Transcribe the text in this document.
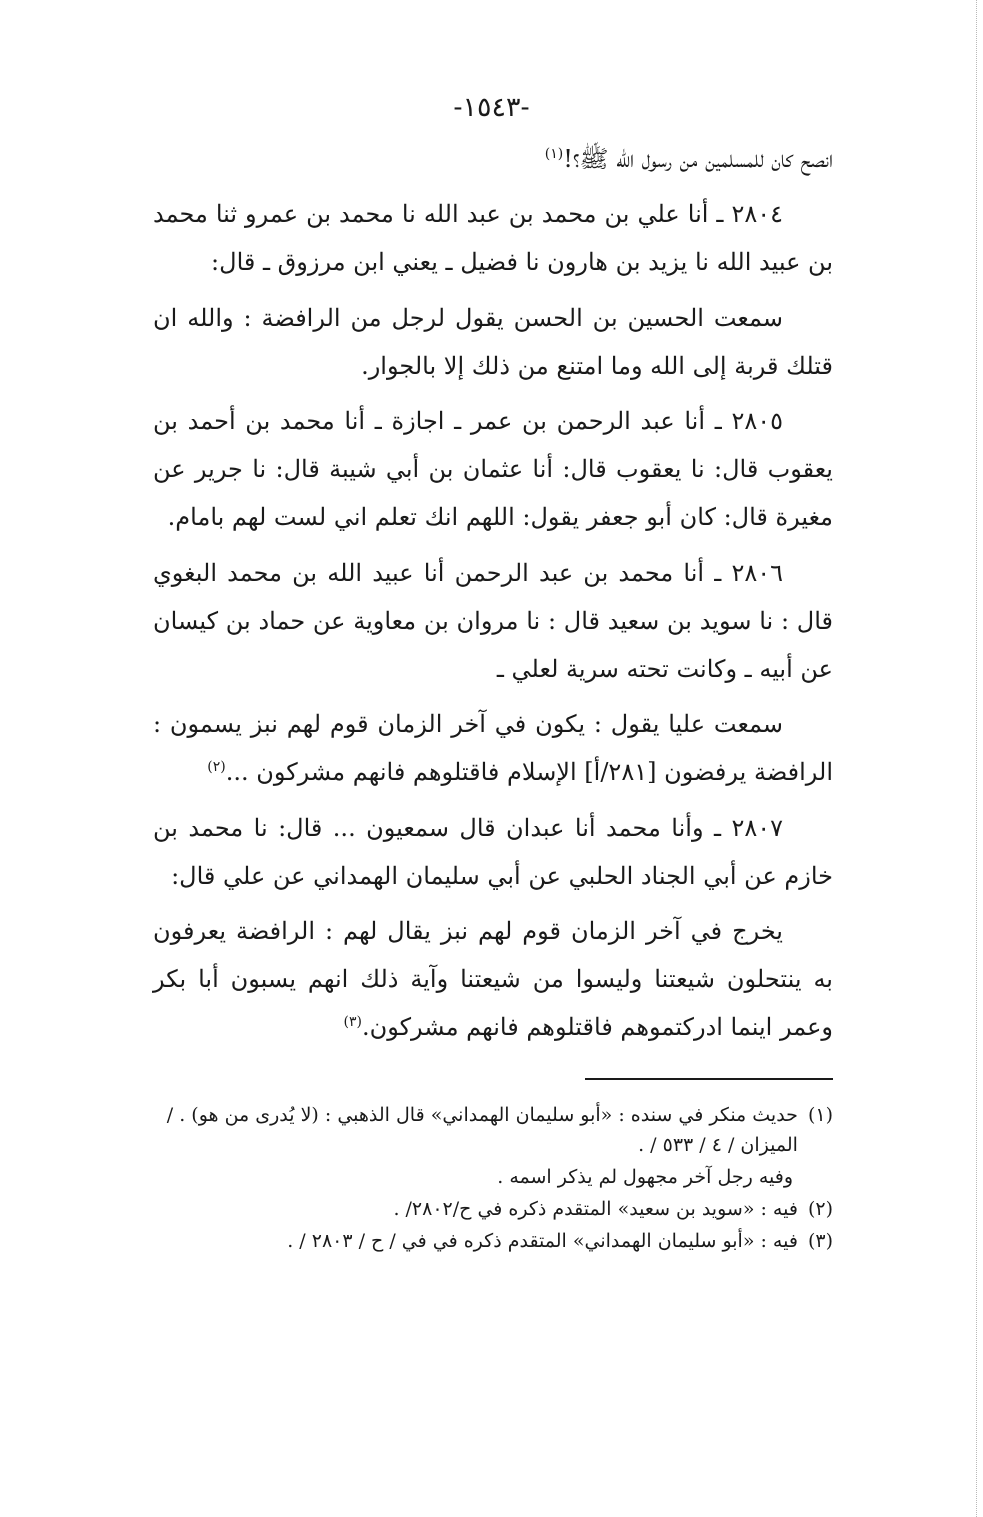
-١٥٤٣-

انصح كان للمسلمين من رسول الله ﷺ؟!$^{(١)}$

٢٨٠٤ ـ أنا علي بن محمد بن عبد الله نا محمد بن عمرو ثنا محمد بن عبيد الله نا يزيد بن هارون نا فضيل ـ يعني ابن مرزوق ـ قال:

سمعت الحسين بن الحسن يقول لرجل من الرافضة : والله ان قتلك قربة إلى الله وما امتنع من ذلك إلا بالجوار.

٢٨٠٥ ـ أنا عبد الرحمن بن عمر ـ اجازة ـ أنا محمد بن أحمد بن يعقوب قال: نا يعقوب قال: أنا عثمان بن أبي شيبة قال: نا جرير عن مغيرة قال: كان أبو جعفر يقول: اللهم انك تعلم اني لست لهم بامام.

٢٨٠٦ ـ أنا محمد بن عبد الرحمن أنا عبيد الله بن محمد البغوي قال : نا سويد بن سعيد قال : نا مروان بن معاوية عن حماد بن كيسان عن أبيه ـ وكانت تحته سرية لعلي ـ

سمعت عليا يقول : يكون في آخر الزمان قوم لهم نبز يسمون : الرافضة يرفضون [٢٨١/أ] الإسلام فاقتلوهم فانهم مشركون ...$^{(٢)}$

٢٨٠٧ ـ وأنا محمد أنا عبدان قال سمعيون ... قال: نا محمد بن خازم عن أبي الجناد الحلبي عن أبي سليمان الهمداني عن علي قال:

يخرج في آخر الزمان قوم لهم نبز يقال لهم : الرافضة يعرفون به ينتحلون شيعتنا وليسوا من شيعتنا وآية ذلك انهم يسبون أبا بكر وعمر اينما ادركتموهم فاقتلوهم فانهم مشركون.$^{(٣)}$

(١)
حديث منكر في سنده : «أبو سليمان الهمداني» قال الذهبي : (لا يُدرى من هو) . / الميزان / ٤ / ٥٣٣ / .
وفيه رجل آخر مجهول لم يذكر اسمه .
(٢)
فيه : «سويد بن سعيد» المتقدم ذكره في ح/٢٨٠٢/ .
(٣)
فيه : «أبو سليمان الهمداني» المتقدم ذكره في في / ح / ٢٨٠٣ / .
